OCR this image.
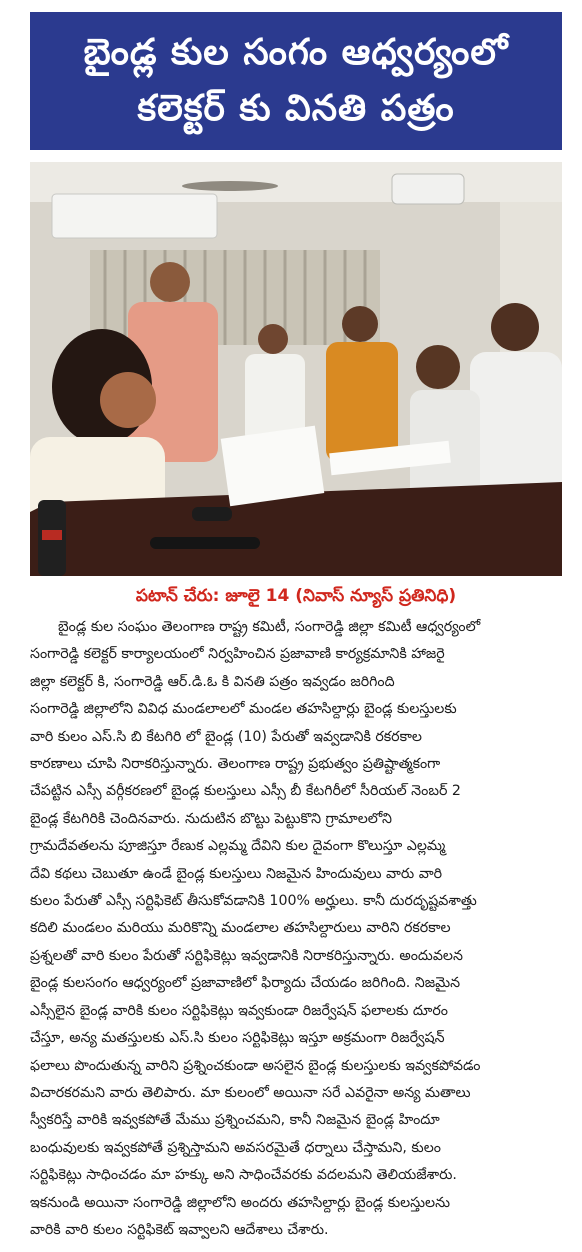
బైండ్ల కుల సంగం ఆధ్వర్యంలో
కలెక్టర్ కు వినతి పత్రం
పటాన్ చేరు: జూలై 14 (నివాస్ న్యూస్ ప్రతినిధి)
బైండ్ల కుల సంఘం తెలంగాణ రాష్ట్ర కమిటీ, సంగారెడ్డి జిల్లా కమిటీ ఆధ్వర్యంలో
సంగారెడ్డి కలెక్టర్ కార్యాలయంలో నిర్వహించిన ప్రజావాణి కార్యక్రమానికి హాజరై
జిల్లా కలెక్టర్ కి, సంగారెడ్డి ఆర్.డి.ఓ కి వినతి పత్రం ఇవ్వడం జరిగింది
సంగారెడ్డి జిల్లాలోని వివిధ మండలాలలో మండల తహసిల్దార్లు బైండ్ల కులస్తులకు
వారి కులం ఎస్.సి బి కేటగిరి లో బైండ్ల (10) పేరుతో ఇవ్వడానికి రకరకాల
కారణాలు చూపి నిరాకరిస్తున్నారు. తెలంగాణ రాష్ట్ర ప్రభుత్వం ప్రతిష్టాత్మకంగా
చేపట్టిన ఎస్సీ వర్గీకరణలో బైండ్ల కులస్తులు ఎస్సీ బీ కేటగిరీలో సీరియల్ నెంబర్ 2
బైండ్ల కేటగిరికి చెందినవారు. నుదుటిన బొట్టు పెట్టుకొని గ్రామాలలోని
గ్రామదేవతలను పూజిస్తూ రేణుక ఎల్లమ్మ దేవిని కుల దైవంగా కొలుస్తూ ఎల్లమ్మ
దేవి కథలు చెబుతూ ఉండే బైండ్ల కులస్తులు నిజమైన హిందువులు వారు వారి
కులం పేరుతో ఎస్సీ సర్టిఫికెట్ తీసుకోవడానికి 100% అర్హులు. కానీ దురదృష్టవశాత్తు
కదిలి మండలం మరియు మరికొన్ని మండలాల తహసిల్దారులు వారిని రకరకాల
ప్రశ్నలతో వారి కులం పేరుతో సర్టిఫికెట్లు ఇవ్వడానికి నిరాకరిస్తున్నారు. అందువలన
బైండ్ల కులసంగం ఆధ్వర్యంలో ప్రజావాణిలో ఫిర్యాదు చేయడం జరిగింది. నిజమైన
ఎస్సీలైన బైండ్ల వారికి కులం సర్టిఫికెట్లు ఇవ్వకుండా రిజర్వేషన్ ఫలాలకు దూరం
చేస్తూ, అన్య మతస్తులకు ఎస్.సి కులం సర్టిఫికెట్లు ఇస్తూ అక్రమంగా రిజర్వేషన్
ఫలాలు పొందుతున్న వారిని ప్రశ్నించకుండా అసలైన బైండ్ల కులస్తులకు ఇవ్వకపోవడం
విచారకరమని వారు తెలిపారు. మా కులంలో అయినా సరే ఎవరైనా అన్య మతాలు
స్వీకరిస్తే వారికి ఇవ్వకపోతే మేము ప్రశ్నించమని, కానీ నిజమైన బైండ్ల హిందూ
బంధువులకు ఇవ్వకపోతే ప్రశ్నిస్తామని అవసరమైతే ధర్నాలు చేస్తామని, కులం
సర్టిఫికెట్లు సాధించడం మా హక్కు అని సాధించేవరకు వదలమని తెలియజేశారు.
ఇకనుండి అయినా సంగారెడ్డి జిల్లాలోని అందరు తహసిల్దార్లు బైండ్ల కులస్తులను
వారికి వారి కులం సర్టిఫికెట్ ఇవ్వాలని ఆదేశాలు చేశారు.
